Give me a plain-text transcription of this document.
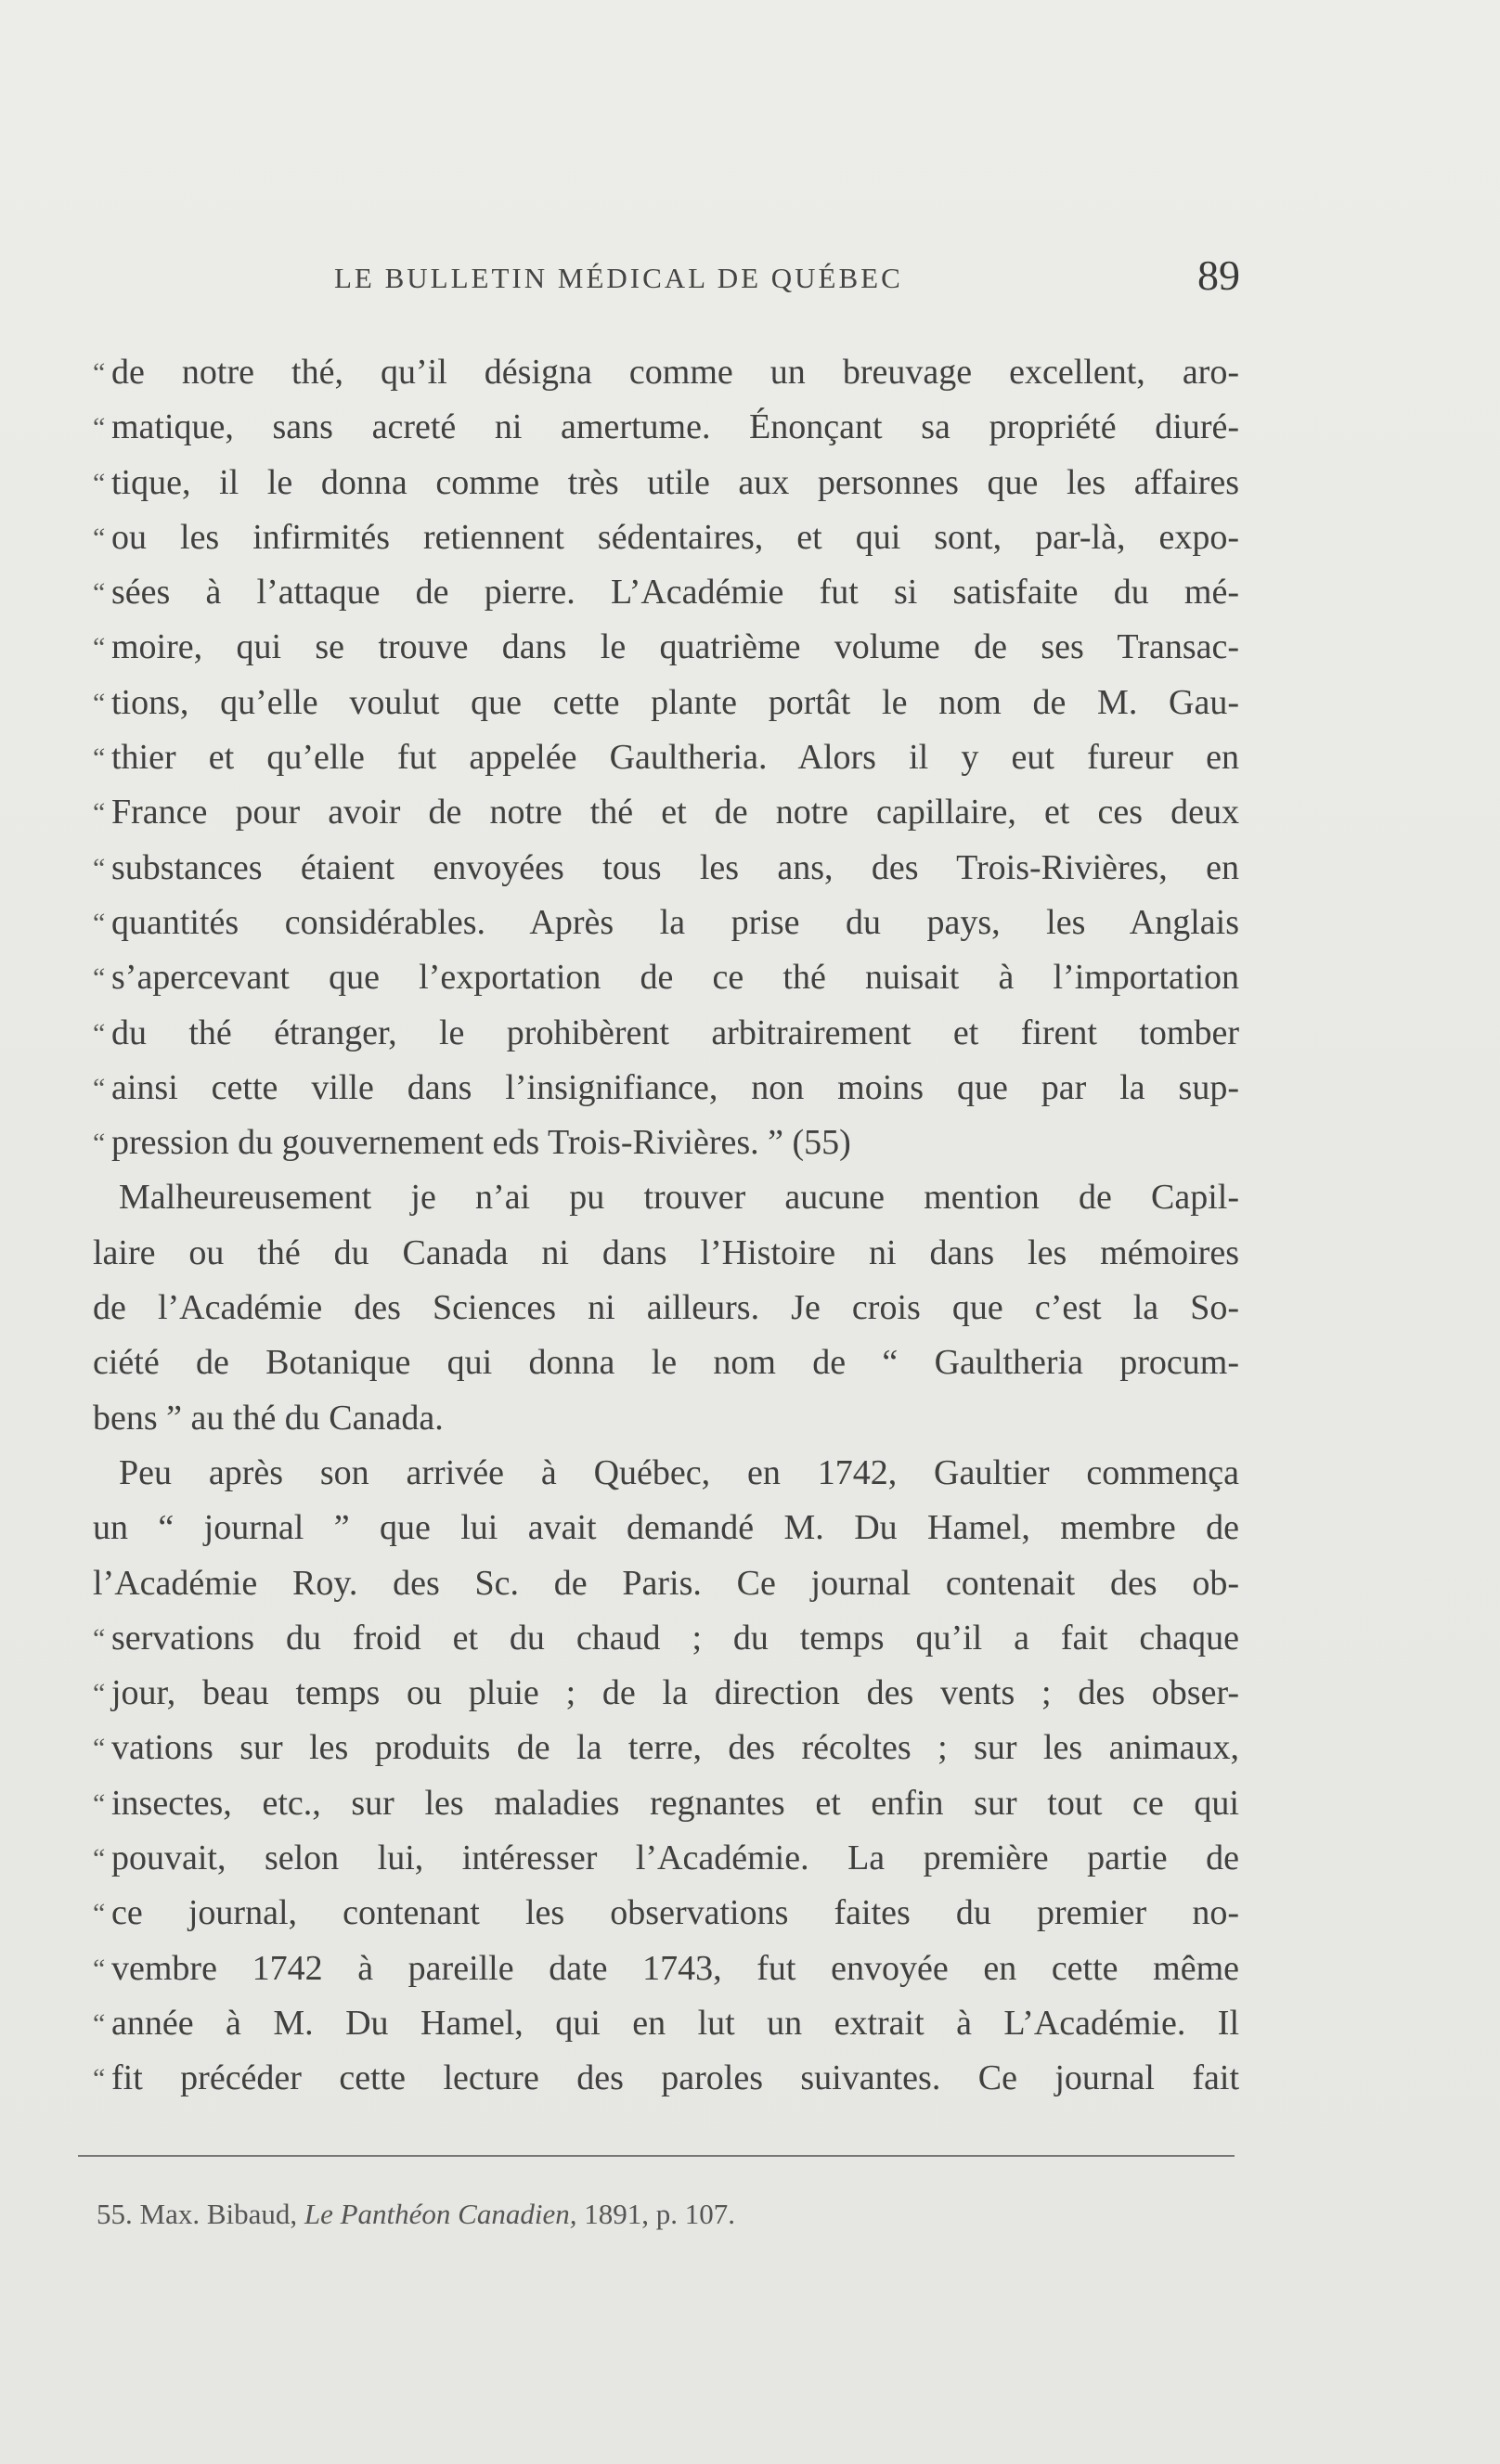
LE BULLETIN MÉDICAL DE QUÉBEC	89
“ de notre thé, qu’il désigna comme un breuvage excellent, aro-
“ matique, sans acreté ni amertume. Énonçant sa propriété diuré-
“ tique, il le donna comme très utile aux personnes que les affaires
“ ou les infirmités retiennent sédentaires, et qui sont, par-là, expo-
“ sées à l’attaque de pierre. L’Académie fut si satisfaite du mé-
“ moire, qui se trouve dans le quatrième volume de ses Transac-
“ tions, qu’elle voulut que cette plante portât le nom de M. Gau-
“ thier et qu’elle fut appelée Gaultheria. Alors il y eut fureur en
“ France pour avoir de notre thé et de notre capillaire, et ces deux
“ substances étaient envoyées tous les ans, des Trois-Rivières, en
“ quantités considérables. Après la prise du pays, les Anglais
“ s’apercevant que l’exportation de ce thé nuisait à l’importation
“ du thé étranger, le prohibèrent arbitrairement et firent tomber
“ ainsi cette ville dans l’insignifiance, non moins que par la sup-
“ pression du gouvernement eds Trois-Rivières. ” (55)
Malheureusement je n’ai pu trouver aucune mention de Capil-
laire ou thé du Canada ni dans l’Histoire ni dans les mémoires
de l’Académie des Sciences ni ailleurs. Je crois que c’est la So-
ciété de Botanique qui donna le nom de “ Gaultheria procum-
bens ” au thé du Canada.
Peu après son arrivée à Québec, en 1742, Gaultier commença
un “ journal ” que lui avait demandé M. Du Hamel, membre de
l’Académie Roy. des Sc. de Paris. Ce journal contenait des ob-
“ servations du froid et du chaud ; du temps qu’il a fait chaque
“ jour, beau temps ou pluie ; de la direction des vents ; des obser-
“ vations sur les produits de la terre, des récoltes ; sur les animaux,
“ insectes, etc., sur les maladies regnantes et enfin sur tout ce qui
“ pouvait, selon lui, intéresser l’Académie. La première partie de
“ ce journal, contenant les observations faites du premier no-
“ vembre 1742 à pareille date 1743, fut envoyée en cette même
“ année à M. Du Hamel, qui en lut un extrait à L’Académie. Il
“ fit précéder cette lecture des paroles suivantes. Ce journal fait
55. Max. Bibaud, Le Panthéon Canadien, 1891, p. 107.
